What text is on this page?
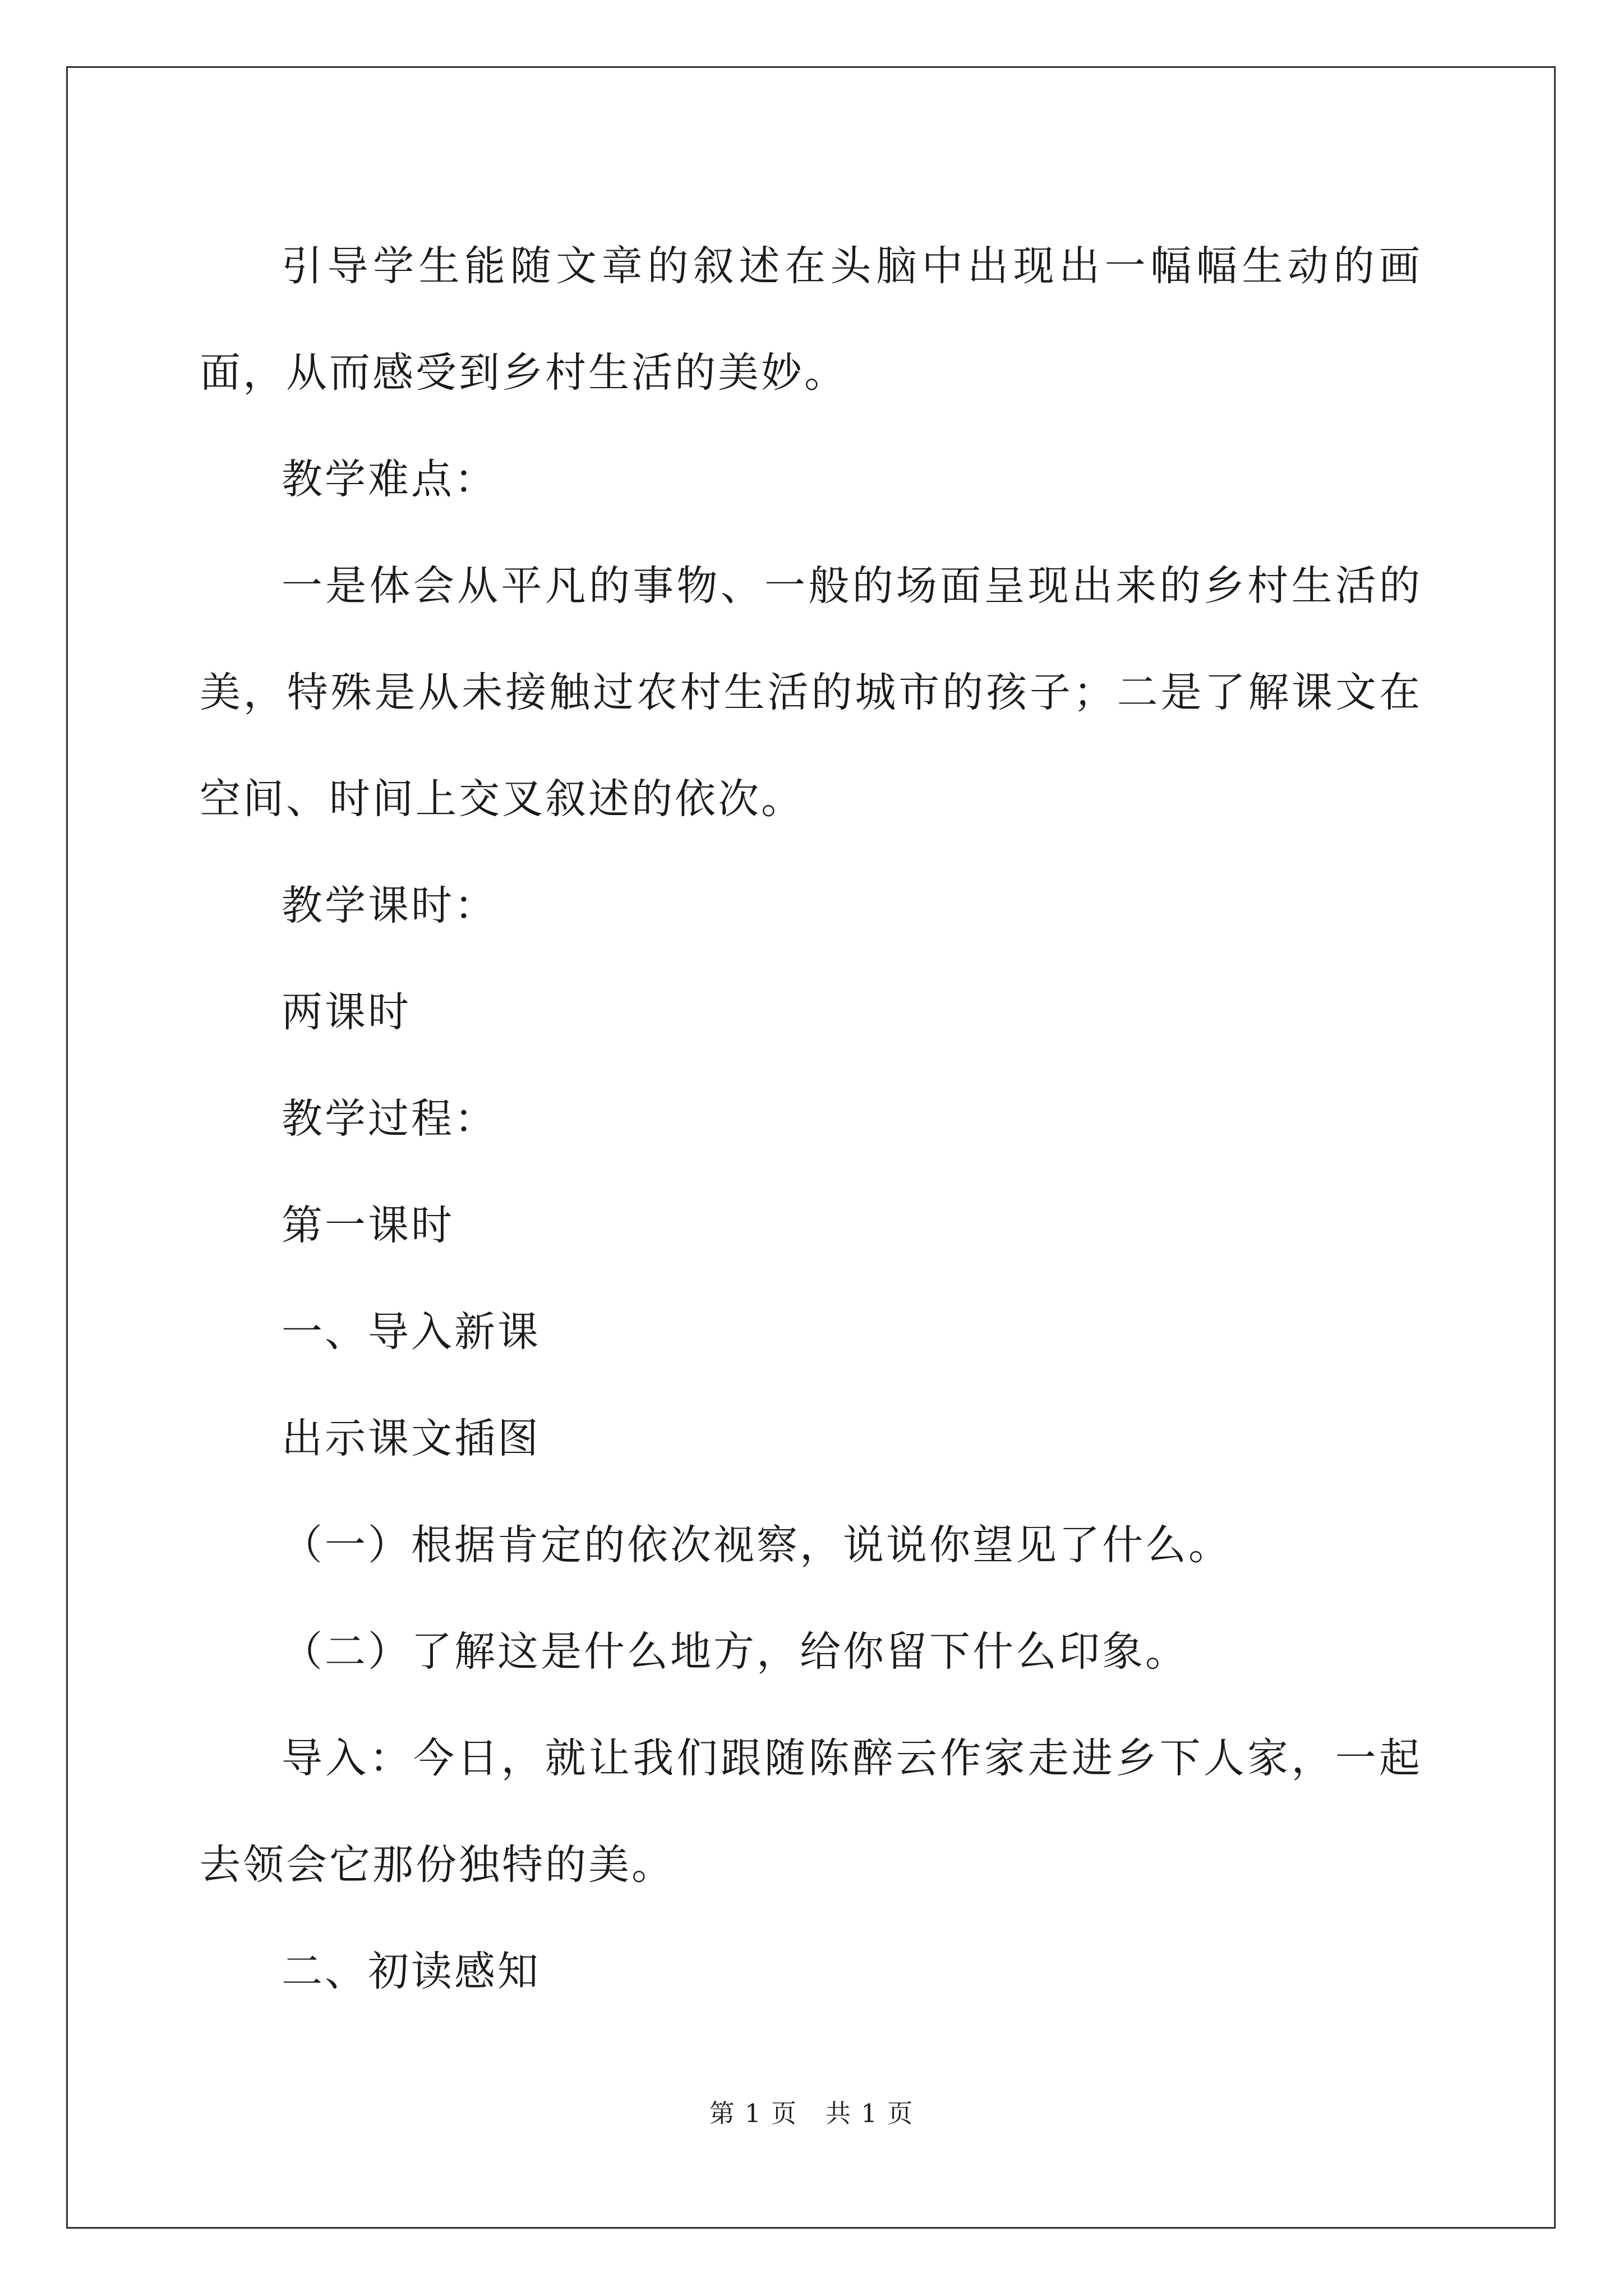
引导学生能随文章的叙述在头脑中出现出一幅幅生动的画面，从而感受到乡村生活的美妙。

教学难点：

一是体会从平凡的事物、一般的场面呈现出来的乡村生活的美，特殊是从未接触过农村生活的城市的孩子；二是了解课文在空间、时间上交叉叙述的依次。

教学课时：

两课时

教学过程：

第一课时

一、导入新课

出示课文插图

（一）根据肯定的依次视察，说说你望见了什么。

（二）了解这是什么地方，给你留下什么印象。

导入：今日，就让我们跟随陈醉云作家走进乡下人家，一起去领会它那份独特的美。

二、初读感知

第 1 页 共 1 页
